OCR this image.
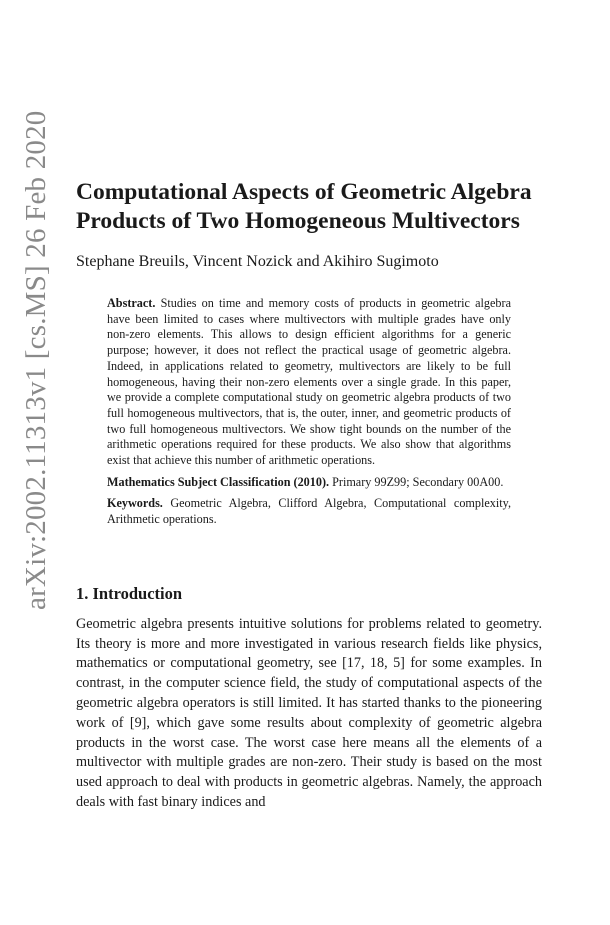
arXiv:2002.11313v1 [cs.MS] 26 Feb 2020 Computational Aspects of Geometric Algebra Products of Two Homogeneous Multivectors
Stephane Breuils, Vincent Nozick and Akihiro Sugimoto

Abstract. Studies on time and memory costs of products in geometric algebra have been limited to cases where multivectors with multiple grades have only non-zero elements. This allows to design efficient algorithms for a generic purpose; however, it does not reflect the practical usage of geometric algebra. Indeed, in applications related to geometry, multivectors are likely to be full homogeneous, having their non-zero elements over a single grade. In this paper, we provide a complete computational study on geometric algebra products of two full homogeneous multivectors, that is, the outer, inner, and geometric products of two full homogeneous multivectors. We show tight bounds on the number of the arithmetic operations required for these products. We also show that algorithms exist that achieve this number of arithmetic operations.

Mathematics Subject Classification (2010). Primary 99Z99; Secondary 00A00.

Keywords. Geometric Algebra, Clifford Algebra, Computational complexity, Arithmetic operations.

1. Introduction

Geometric algebra presents intuitive solutions for problems related to geometry. Its theory is more and more investigated in various research fields like physics, mathematics or computational geometry, see [17, 18, 5] for some examples. In contrast, in the computer science field, the study of computational aspects of the geometric algebra operators is still limited. It has started thanks to the pioneering work of [9], which gave some results about complexity of geometric algebra products in the worst case. The worst case here means all the elements of a multivector with multiple grades are non-zero. Their study is based on the most used approach to deal with products in geometric algebras. Namely, the approach deals with fast binary indices and
